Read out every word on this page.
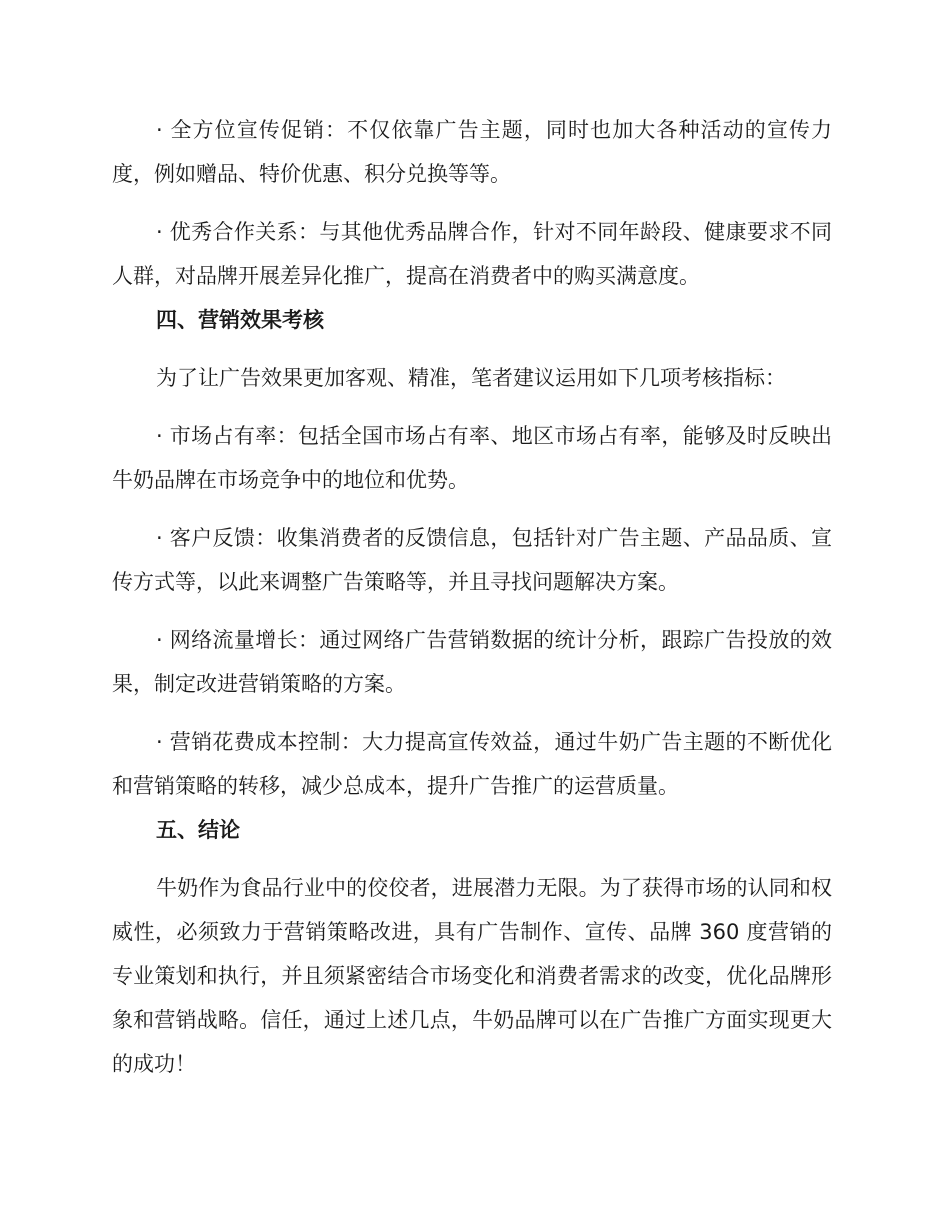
· 全方位宣传促销：不仅依靠广告主题，同时也加大各种活动的宣传力度，例如赠品、特价优惠、积分兑换等等。

· 优秀合作关系：与其他优秀品牌合作，针对不同年龄段、健康要求不同人群，对品牌开展差异化推广，提高在消费者中的购买满意度。

四、营销效果考核

为了让广告效果更加客观、精准，笔者建议运用如下几项考核指标：

· 市场占有率：包括全国市场占有率、地区市场占有率，能够及时反映出牛奶品牌在市场竞争中的地位和优势。

· 客户反馈：收集消费者的反馈信息，包括针对广告主题、产品品质、宣传方式等，以此来调整广告策略等，并且寻找问题解决方案。

· 网络流量增长：通过网络广告营销数据的统计分析，跟踪广告投放的效果，制定改进营销策略的方案。

· 营销花费成本控制：大力提高宣传效益，通过牛奶广告主题的不断优化和营销策略的转移，减少总成本，提升广告推广的运营质量。

五、结论

牛奶作为食品行业中的佼佼者，进展潜力无限。为了获得市场的认同和权威性，必须致力于营销策略改进，具有广告制作、宣传、品牌 360 度营销的专业策划和执行，并且须紧密结合市场变化和消费者需求的改变，优化品牌形象和营销战略。信任，通过上述几点，牛奶品牌可以在广告推广方面实现更大的成功！
